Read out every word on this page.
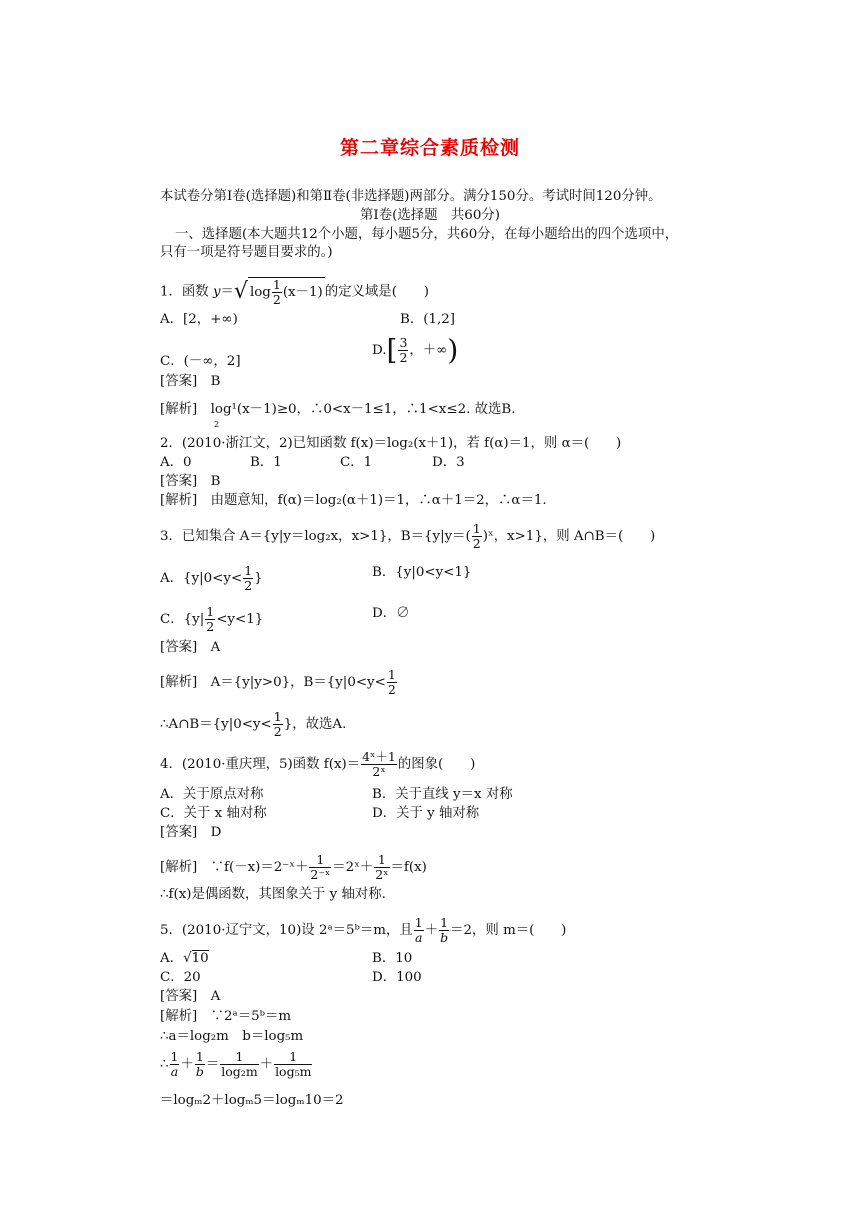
第二章综合素质检测
本试卷分第Ⅰ卷(选择题)和第Ⅱ卷(非选择题)两部分。满分150分。考试时间120分钟。
第Ⅰ卷(选择题　共60分)
一、选择题(本大题共12个小题，每小题5分，共60分，在每小题给出的四个选项中，
只有一项是符号题目要求的。)
1．函数 y＝√ $\log \frac{1}{2} (x-1)$ 的定义域是(　　)
A．[2，+∞)	B．(1,2]
C．(－∞，2]
$D.[ \frac{3}{2}$ ，＋∞)
[答案]　 B
[解析]　 log¹(x－1)≥0，∴0<x－1≤1，∴1<x≤2. 故选B.
2
2．(2010·浙江文，2)已知函数 f(x)＝log₂(x＋1)，若 f(α)＝1，则 α＝(　　)
A．0	B．1	C．1	D．3
[答案]　 B
[解析]　 由题意知，f(α)＝log₂(α＋1)＝1，∴α＋1＝2，∴α＝1.
3．已知集合 A＝{y|y＝log₂x，x>1}，$B=\{y|y=( \frac{1}{2}$ )ˣ，x>1}，则 A∩B＝(　　)
A．{$y|0<y< \frac{1}{2}$ }	B．{y|0<y<1}
C．$\{y| \frac{1}{2} <y<1\}$	D．∅
[答案]　 A
[解析]　 A＝{y|y>0}，$B=\{y|0<y< \frac{1}{2}$
∴A∩B＝{y|0<y< $\frac{1}{2}$ }，故选A.
4．(2010·重庆理，5)函数 $f(x)= \frac{\text{4ˣ＋1}}{\text{2ˣ}}$ 的图象(　　)
A．关于原点对称	B．关于直线 y＝x 对称
C．关于 x 轴对称	D．关于 y 轴对称
[答案]　 D
[解析]　 ∵f(－x)＝2⁻ˣ＋ $\frac{1}{\text{2⁻ˣ}}$ ＝2ˣ＋ $\frac{1}{\text{2ˣ}} =f(x)$
∴f(x)是偶函数，其图象关于 y 轴对称.
5．(2010·辽宁文，10)设 2ᵃ＝5ᵇ＝m，且 $\frac{1}{a} + \frac{1}{b} =2$，则 m＝(　　)
A．√10	B．10
C．20	D．100
[答案]　 A
[解析]　 ∵2ᵃ＝5ᵇ＝m
∴a＝log₂m　b＝log₅m
∴ $\frac{1}{a} + \frac{1}{b} = \frac{1}{\text{log₂m}} + \frac{1}{\text{log₅m}}$
＝logₘ2＋logₘ5＝logₘ10＝2
